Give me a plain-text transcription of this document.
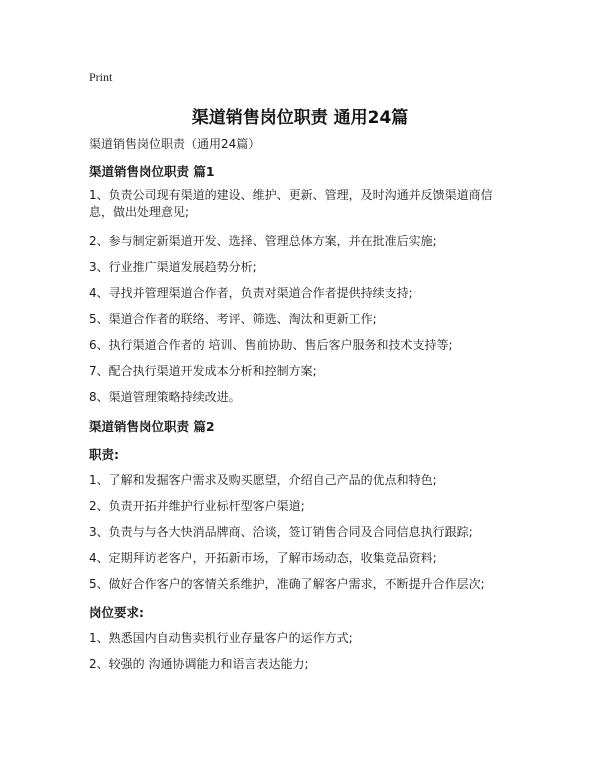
Print
渠道销售岗位职责 通用24篇
渠道销售岗位职责（通用24篇）
渠道销售岗位职责 篇1
1、负责公司现有渠道的建设、维护、更新、管理，及时沟通并反馈渠道商信息，做出处理意见;
2、参与制定新渠道开发、选择、管理总体方案，并在批准后实施;
3、行业推广渠道发展趋势分析;
4、寻找并管理渠道合作者，负责对渠道合作者提供持续支持;
5、渠道合作者的联络、考评、筛选、淘汰和更新工作;
6、执行渠道合作者的 培训、售前协助、售后客户服务和技术支持等;
7、配合执行渠道开发成本分析和控制方案;
8、渠道管理策略持续改进。
渠道销售岗位职责 篇2
职责:
1、了解和发掘客户需求及购买愿望，介绍自己产品的优点和特色;
2、负责开拓并维护行业标杆型客户渠道;
3、负责与与各大快消品牌商、洽谈，签订销售合同及合同信息执行跟踪;
4、定期拜访老客户，开拓新市场，了解市场动态，收集竞品资料;
5、做好合作客户的客情关系维护，准确了解客户需求，不断提升合作层次;
岗位要求:
1、熟悉国内自动售卖机行业存量客户的运作方式;
2、较强的 沟通协调能力和语言表达能力;
